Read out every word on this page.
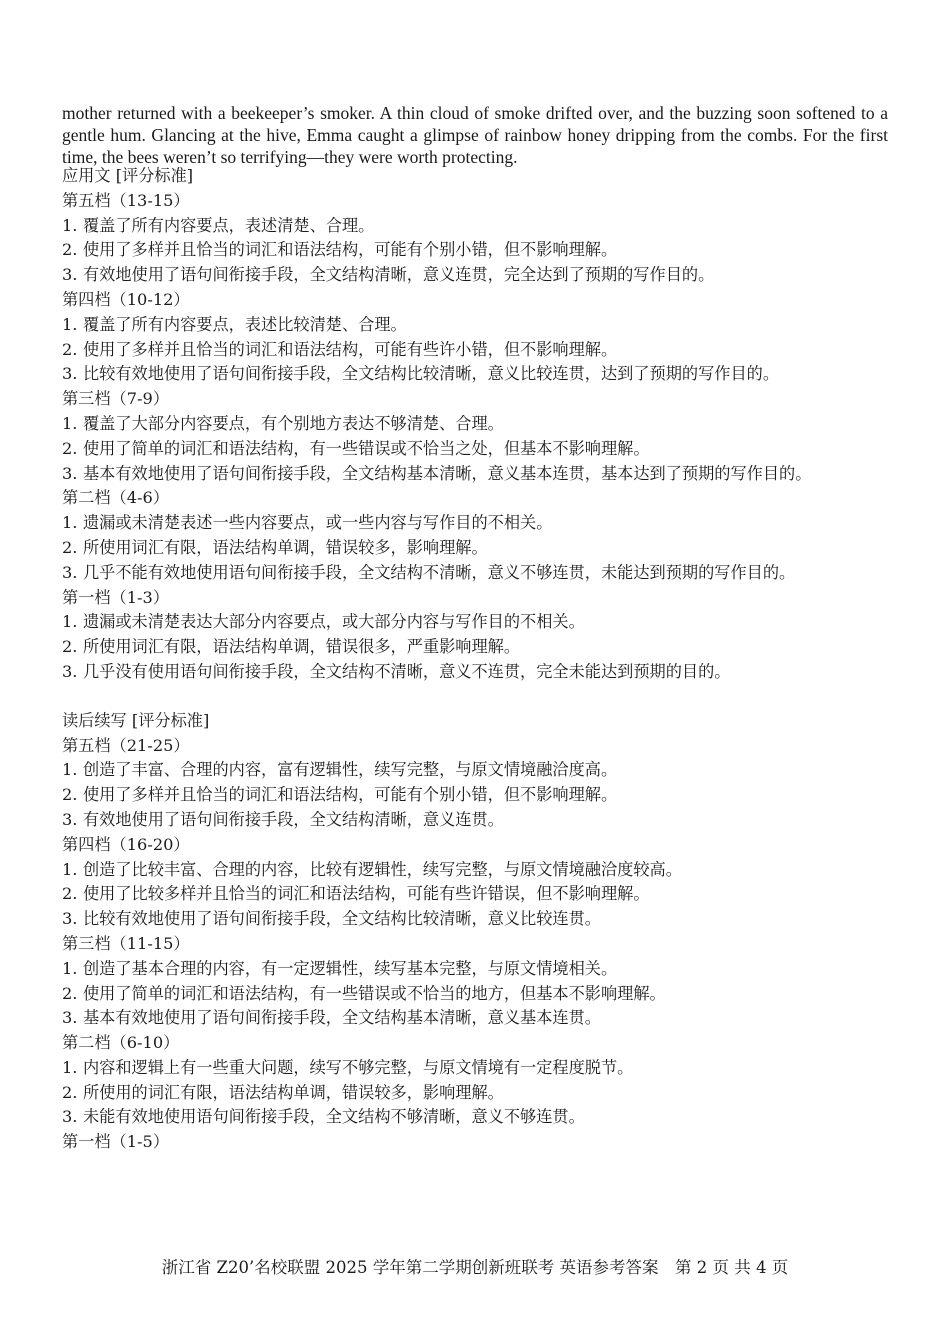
mother returned with a beekeeper’s smoker. A thin cloud of smoke drifted over, and the buzzing soon softened to a gentle hum. Glancing at the hive, Emma caught a glimpse of rainbow honey dripping from the combs. For the first time, the bees weren’t so terrifying—they were worth protecting.

应用文 [评分标准]

第五档（13-15）

1. 覆盖了所有内容要点，表述清楚、合理。
2. 使用了多样并且恰当的词汇和语法结构，可能有个别小错，但不影响理解。
3. 有效地使用了语句间衔接手段，全文结构清晰，意义连贯，完全达到了预期的写作目的。

第四档（10-12）

1. 覆盖了所有内容要点，表述比较清楚、合理。
2. 使用了多样并且恰当的词汇和语法结构，可能有些许小错，但不影响理解。
3. 比较有效地使用了语句间衔接手段，全文结构比较清晰，意义比较连贯，达到了预期的写作目的。

第三档（7-9）

1. 覆盖了大部分内容要点，有个别地方表达不够清楚、合理。
2. 使用了简单的词汇和语法结构，有一些错误或不恰当之处，但基本不影响理解。
3. 基本有效地使用了语句间衔接手段，全文结构基本清晰，意义基本连贯，基本达到了预期的写作目的。

第二档（4-6）

1. 遗漏或未清楚表述一些内容要点，或一些内容与写作目的不相关。
2. 所使用词汇有限，语法结构单调，错误较多，影响理解。
3. 几乎不能有效地使用语句间衔接手段，全文结构不清晰，意义不够连贯，未能达到预期的写作目的。

第一档（1-3）

1. 遗漏或未清楚表达大部分内容要点，或大部分内容与写作目的不相关。
2. 所使用词汇有限，语法结构单调，错误很多，严重影响理解。
3. 几乎没有使用语句间衔接手段，全文结构不清晰，意义不连贯，完全未能达到预期的目的。

读后续写 [评分标准]

第五档（21-25）

1. 创造了丰富、合理的内容，富有逻辑性，续写完整，与原文情境融洽度高。
2. 使用了多样并且恰当的词汇和语法结构，可能有个别小错，但不影响理解。
3. 有效地使用了语句间衔接手段，全文结构清晰，意义连贯。

第四档（16-20）

1. 创造了比较丰富、合理的内容，比较有逻辑性，续写完整，与原文情境融洽度较高。
2. 使用了比较多样并且恰当的词汇和语法结构，可能有些许错误，但不影响理解。
3. 比较有效地使用了语句间衔接手段，全文结构比较清晰，意义比较连贯。

第三档（11-15）

1. 创造了基本合理的内容，有一定逻辑性，续写基本完整，与原文情境相关。
2. 使用了简单的词汇和语法结构，有一些错误或不恰当的地方，但基本不影响理解。
3. 基本有效地使用了语句间衔接手段，全文结构基本清晰，意义基本连贯。

第二档（6-10）

1. 内容和逻辑上有一些重大问题，续写不够完整，与原文情境有一定程度脱节。
2. 所使用的词汇有限，语法结构单调，错误较多，影响理解。
3. 未能有效地使用语句间衔接手段，全文结构不够清晰，意义不够连贯。

第一档（1-5）

浙江省 Z20’名校联盟 2025 学年第二学期创新班联考 英语参考答案　第 2 页 共 4 页
